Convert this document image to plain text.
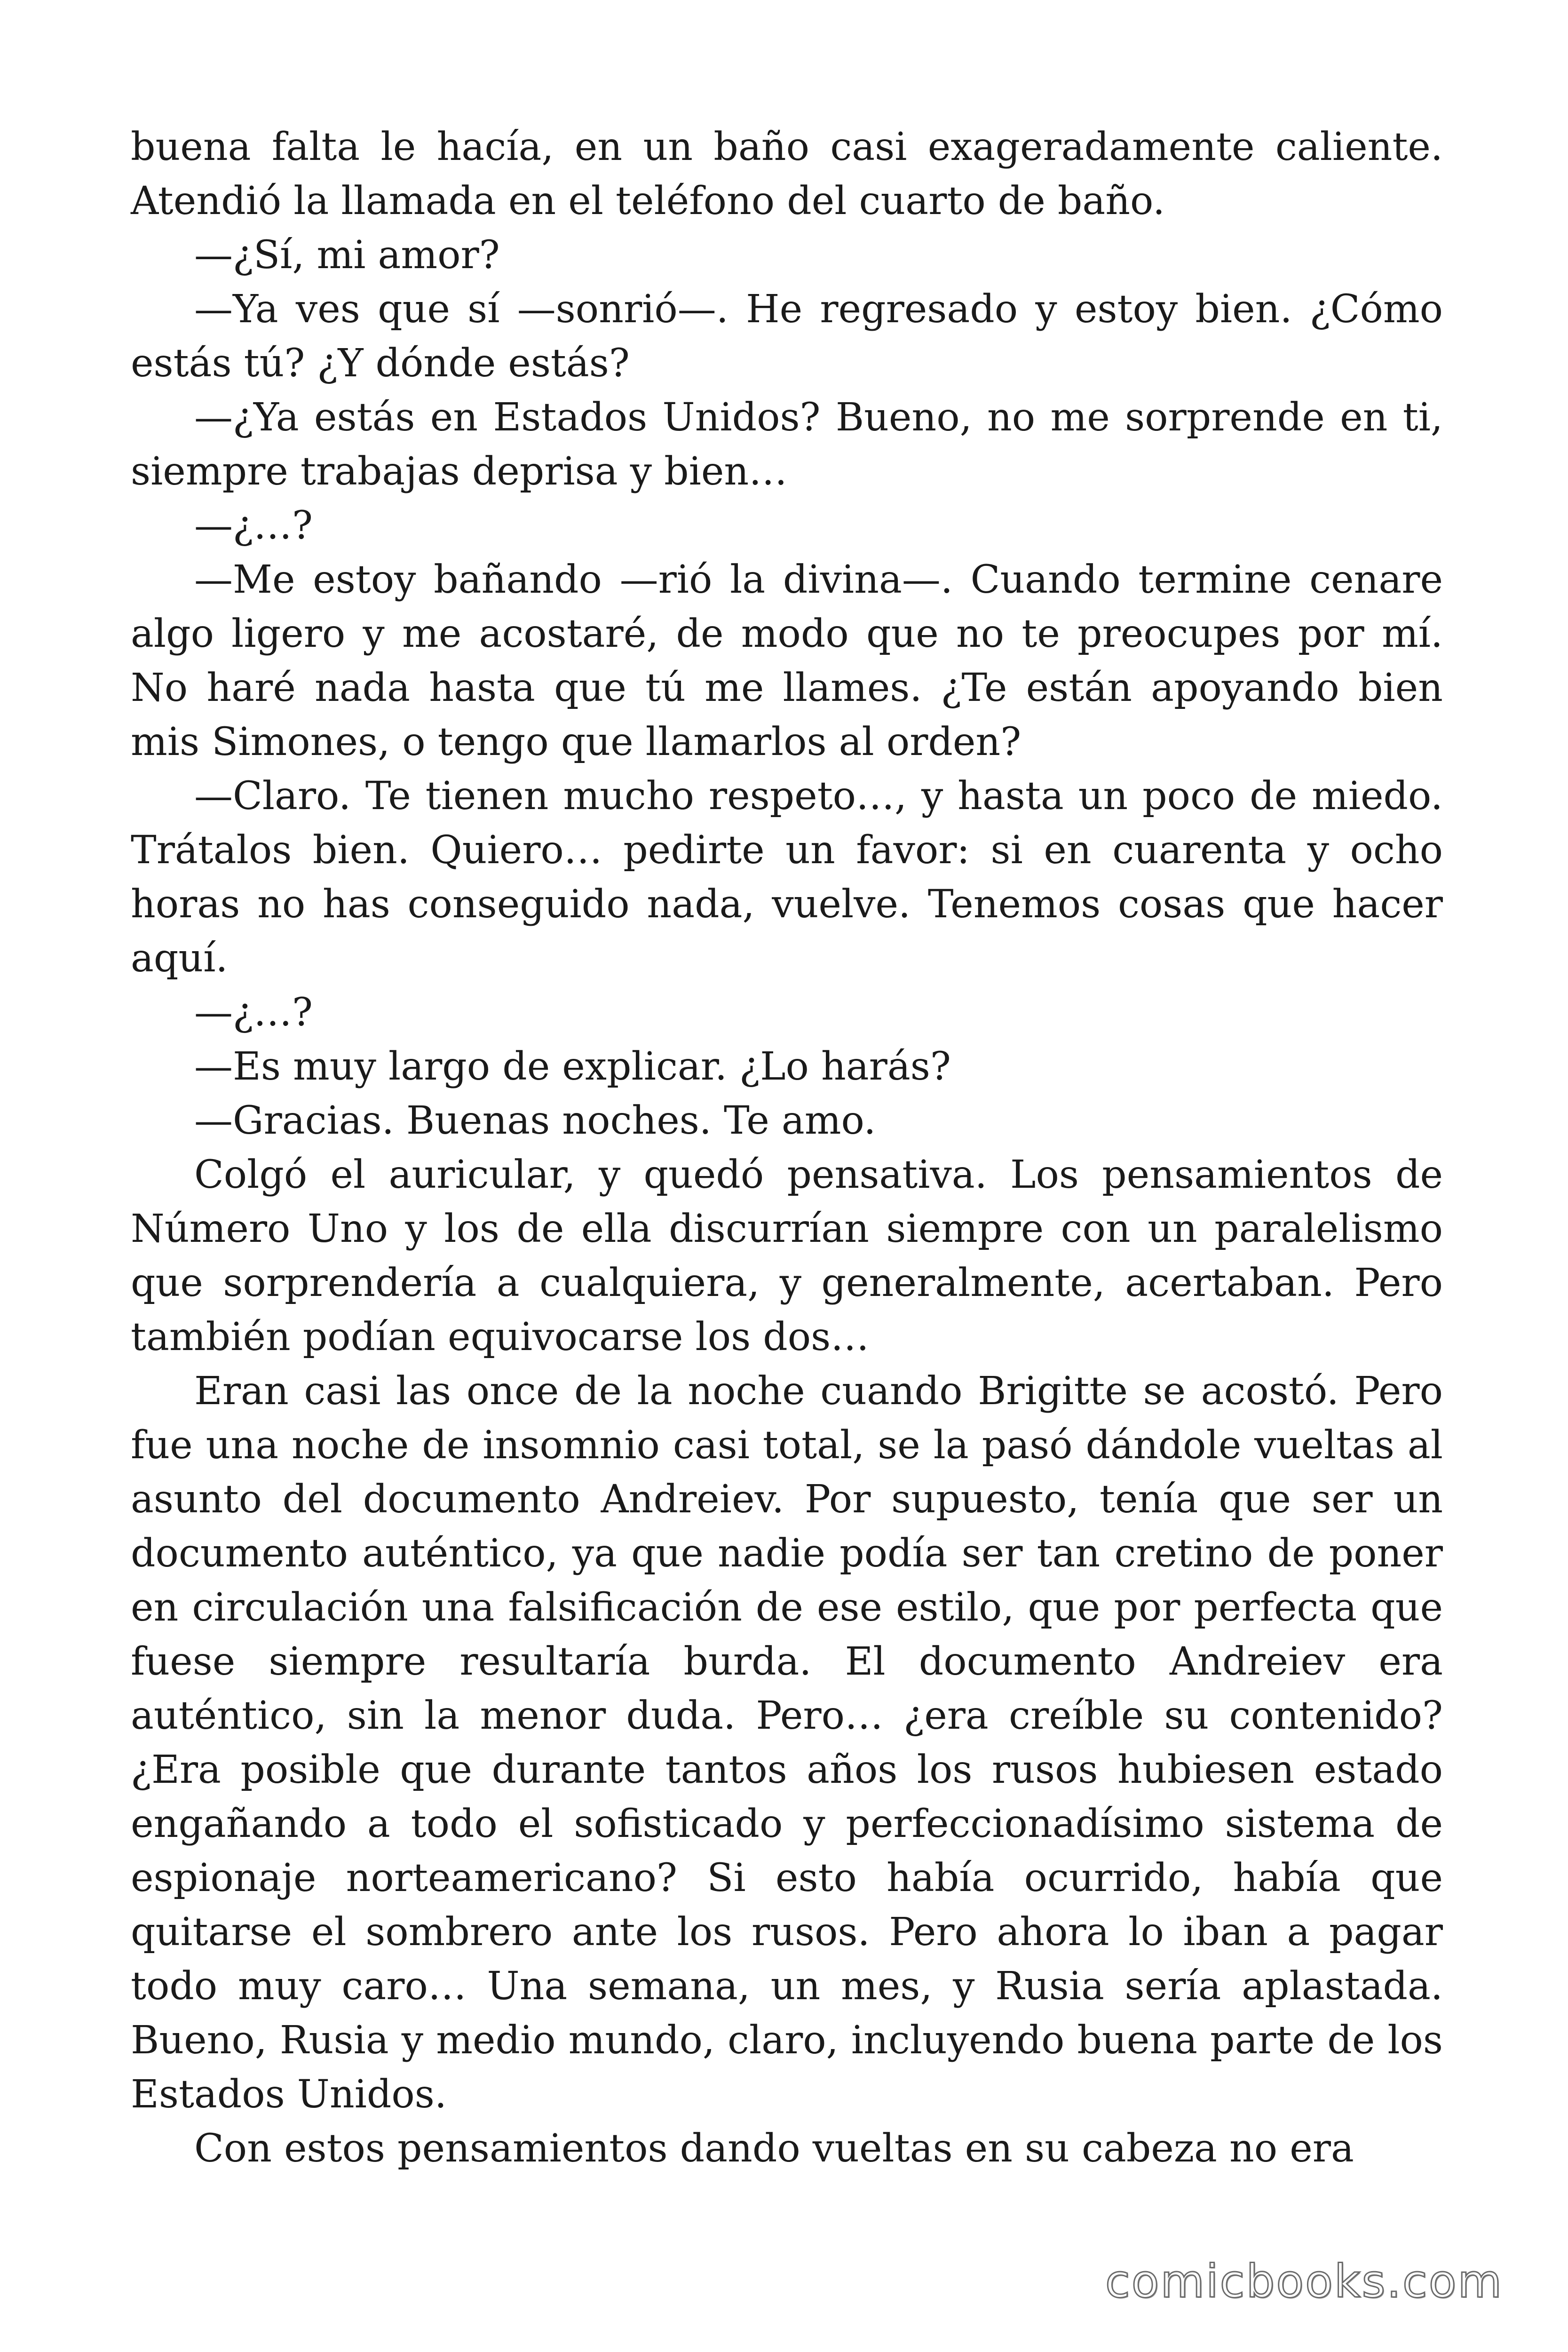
buena falta le hacía, en un baño casi exageradamente caliente. Atendió la llamada en el teléfono del cuarto de baño.

—¿Sí, mi amor?

—Ya ves que sí —sonrió—. He regresado y estoy bien. ¿Cómo estás tú? ¿Y dónde estás?

—¿Ya estás en Estados Unidos? Bueno, no me sorprende en ti, siempre trabajas deprisa y bien…

—¿…?

—Me estoy bañando —rió la divina—. Cuando termine cenare algo ligero y me acostaré, de modo que no te preocupes por mí. No haré nada hasta que tú me llames. ¿Te están apoyando bien mis Simones, o tengo que llamarlos al orden?

—Claro. Te tienen mucho respeto…, y hasta un poco de miedo. Trátalos bien. Quiero… pedirte un favor: si en cuarenta y ocho horas no has conseguido nada, vuelve. Tenemos cosas que hacer aquí.

—¿…?

—Es muy largo de explicar. ¿Lo harás?

—Gracias. Buenas noches. Te amo.

Colgó el auricular, y quedó pensativa. Los pensamientos de Número Uno y los de ella discurrían siempre con un paralelismo que sorprendería a cualquiera, y generalmente, acertaban. Pero también podían equivocarse los dos…

Eran casi las once de la noche cuando Brigitte se acostó. Pero fue una noche de insomnio casi total, se la pasó dándole vueltas al asunto del documento Andreiev. Por supuesto, tenía que ser un documento auténtico, ya que nadie podía ser tan cretino de poner en circulación una falsificación de ese estilo, que por perfecta que fuese siempre resultaría burda. El documento Andreiev era auténtico, sin la menor duda. Pero… ¿era creíble su contenido? ¿Era posible que durante tantos años los rusos hubiesen estado engañando a todo el sofisticado y perfeccionadísimo sistema de espionaje norteamericano? Si esto había ocurrido, había que quitarse el sombrero ante los rusos. Pero ahora lo iban a pagar todo muy caro… Una semana, un mes, y Rusia sería aplastada. Bueno, Rusia y medio mundo, claro, incluyendo buena parte de los Estados Unidos.

Con estos pensamientos dando vueltas en su cabeza no era

comicbooks.com
